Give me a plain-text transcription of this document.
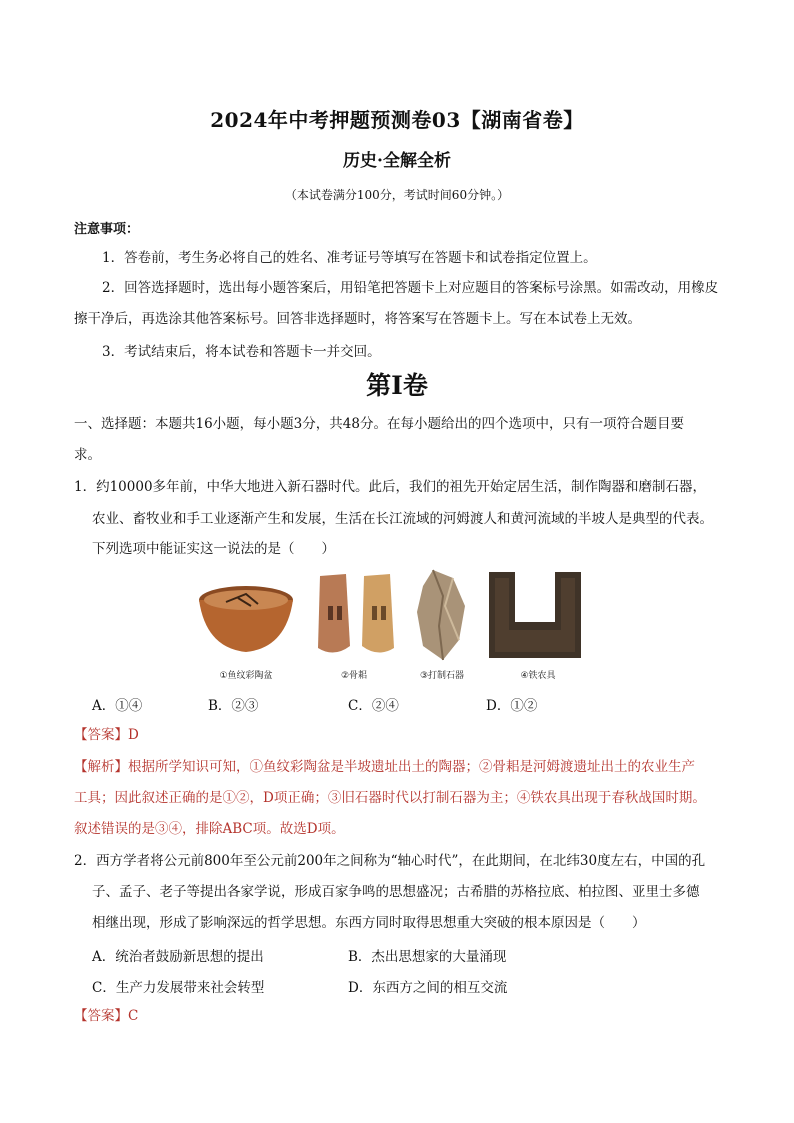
2024年中考押题预测卷03【湖南省卷】
历史·全解全析
（本试卷满分100分，考试时间60分钟。）
注意事项：
1．答卷前，考生务必将自己的姓名、准考证号等填写在答题卡和试卷指定位置上。
2．回答选择题时，选出每小题答案后，用铅笔把答题卡上对应题目的答案标号涂黑。如需改动，用橡皮擦干净后，再选涂其他答案标号。回答非选择题时，将答案写在答题卡上。写在本试卷上无效。
3．考试结束后，将本试卷和答题卡一并交回。
第Ⅰ卷
一、选择题：本题共16小题，每小题3分，共48分。在每小题给出的四个选项中，只有一项符合题目要
求。
1．约10000多年前，中华大地进入新石器时代。此后，我们的祖先开始定居生活，制作陶器和磨制石器，
农业、畜牧业和手工业逐渐产生和发展，生活在长江流域的河姆渡人和黄河流域的半坡人是典型的代表。
下列选项中能证实这一说法的是（　　）
①鱼纹彩陶盆	②骨耜	③打制石器	④铁农具
A．①④	B．②③	C．②④	D．①②
【答案】D
【解析】根据所学知识可知，①鱼纹彩陶盆是半坡遗址出土的陶器；②骨耜是河姆渡遗址出土的农业生产
工具；因此叙述正确的是①②，D项正确；③旧石器时代以打制石器为主；④铁农具出现于春秋战国时期。
叙述错误的是③④，排除ABC项。故选D项。
2．西方学者将公元前800年至公元前200年之间称为“轴心时代”，在此期间，在北纬30度左右，中国的孔
子、孟子、老子等提出各家学说，形成百家争鸣的思想盛况；古希腊的苏格拉底、柏拉图、亚里士多德
相继出现，形成了影响深远的哲学思想。东西方同时取得思想重大突破的根本原因是（　　）
A．统治者鼓励新思想的提出	B．杰出思想家的大量涌现
C．生产力发展带来社会转型	D．东西方之间的相互交流
【答案】C
